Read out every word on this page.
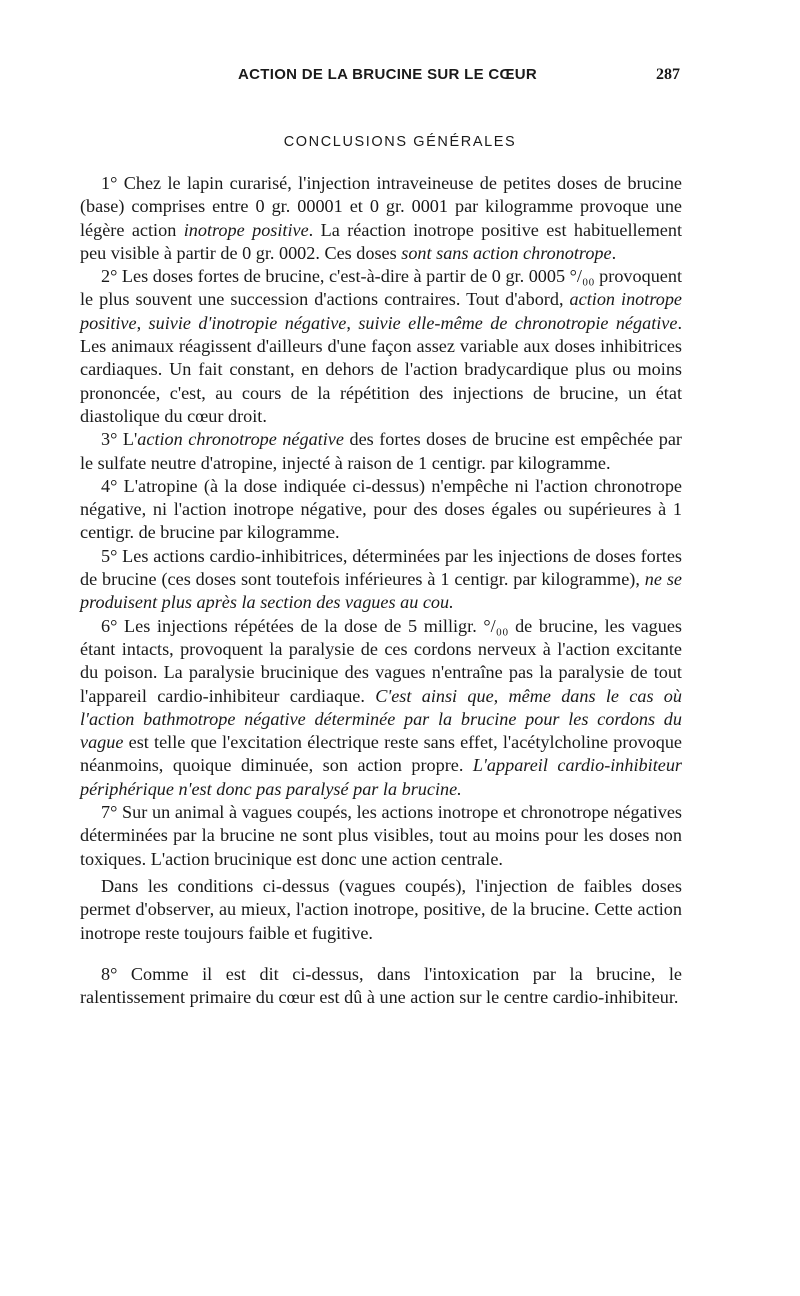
ACTION DE LA BRUCINE SUR LE CŒUR	287
CONCLUSIONS GÉNÉRALES

1° Chez le lapin curarisé, l'injection intraveineuse de petites doses de brucine (base) comprises entre 0 gr. 00001 et 0 gr. 0001 par kilogramme provoque une légère action inotrope positive. La réaction inotrope positive est habituellement peu visible à partir de 0 gr. 0002. Ces doses sont sans action chronotrope.

2° Les doses fortes de brucine, c'est-à-dire à partir de 0 gr. 0005 °/₀₀ provoquent le plus souvent une succession d'actions contraires. Tout d'abord, action inotrope positive, suivie d'inotropie négative, suivie elle-même de chronotropie négative. Les animaux réagissent d'ailleurs d'une façon assez variable aux doses inhibitrices cardiaques. Un fait constant, en dehors de l'action bradycardique plus ou moins prononcée, c'est, au cours de la répétition des injections de brucine, un état diastolique du cœur droit.

3° L'action chronotrope négative des fortes doses de brucine est empêchée par le sulfate neutre d'atropine, injecté à raison de 1 centigr. par kilogramme.

4° L'atropine (à la dose indiquée ci-dessus) n'empêche ni l'action chronotrope négative, ni l'action inotrope négative, pour des doses égales ou supérieures à 1 centigr. de brucine par kilogramme.

5° Les actions cardio-inhibitrices, déterminées par les injections de doses fortes de brucine (ces doses sont toutefois inférieures à 1 centigr. par kilogramme), ne se produisent plus après la section des vagues au cou.

6° Les injections répétées de la dose de 5 milligr. °/₀₀ de brucine, les vagues étant intacts, provoquent la paralysie de ces cordons nerveux à l'action excitante du poison. La paralysie brucinique des vagues n'entraîne pas la paralysie de tout l'appareil cardio-inhibiteur cardiaque. C'est ainsi que, même dans le cas où l'action bathmotrope négative déterminée par la brucine pour les cordons du vague est telle que l'excitation électrique reste sans effet, l'acétylcholine provoque néanmoins, quoique diminuée, son action propre. L'appareil cardio-inhibiteur périphérique n'est donc pas paralysé par la brucine.

7° Sur un animal à vagues coupés, les actions inotrope et chronotrope négatives déterminées par la brucine ne sont plus visibles, tout au moins pour les doses non toxiques. L'action brucinique est donc une action centrale.

Dans les conditions ci-dessus (vagues coupés), l'injection de faibles doses permet d'observer, au mieux, l'action inotrope, positive, de la brucine. Cette action inotrope reste toujours faible et fugitive.

8° Comme il est dit ci-dessus, dans l'intoxication par la brucine, le ralentissement primaire du cœur est dû à une action sur le centre cardio-inhibiteur.
